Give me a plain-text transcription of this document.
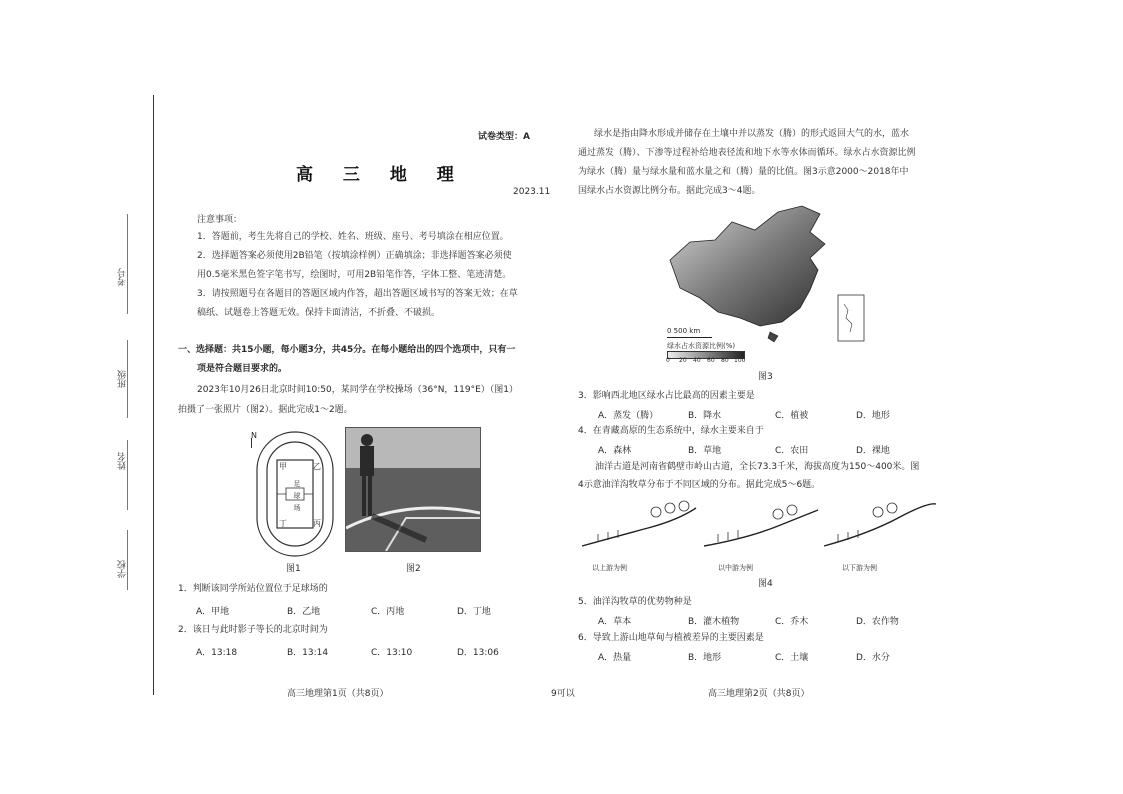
考号
班级
姓名
学校
试卷类型：A
高 三 地 理
2023.11
注意事项：
1．答题前，考生先将自己的学校、姓名、班级、座号、考号填涂在相应位置。
2．选择题答案必须使用2B铅笔（按填涂样例）正确填涂；非选择题答案必须使
用0.5毫米黑色签字笔书写，绘图时，可用2B铅笔作答，字体工整、笔迹清楚。
3．请按照题号在各题目的答题区域内作答，超出答题区域书写的答案无效；在草
稿纸、试题卷上答题无效。保持卡面清洁，不折叠、不破损。
一、选择题：共15小题，每小题3分，共45分。在每小题给出的四个选项中，只有一
项是符合题目要求的。
2023年10月26日北京时间10:50，某同学在学校操场（36°N，119°E）（图1）
拍摄了一张照片（图2）。据此完成1～2题。
N
甲	乙
丁	丙
足球场
图1	图2
1．判断该同学所站位置位于足球场的
A．甲地	B．乙地	C．丙地	D．丁地
2．该日与此时影子等长的北京时间为
A．13:18	B．13:14	C．13:10	D．13:06
高三地理第1页（共8页）	9可以
绿水是指由降水形成并储存在土壤中并以蒸发（腾）的形式返回大气的水，蓝水
通过蒸发（腾）、下渗等过程补给地表径流和地下水等水体而循环。绿水占水资源比例
为绿水（腾）量与绿水量和蓝水量之和（腾）量的比值。图3示意2000～2018年中
国绿水占水资源比例分布。据此完成3～4题。
0 500 km
绿水占水资源比例(%)
0 20 40 60 80 100
图3
3．影响西北地区绿水占比最高的因素主要是
A．蒸发（腾）	B．降水	C．植被	D．地形
4．在青藏高原的生态系统中，绿水主要来自于
A．森林	B．草地	C．农田	D．裸地
油洋古道是河南省鹤壁市岭山古道，全长73.3千米，海拔高度为150～400米。图
4示意油洋沟牧草分布于不同区域的分布。据此完成5～6题。
以上游为例	以中游为例	以下游为例
图4
5．油洋沟牧草的优势物种是
A．草本	B．灌木植物	C．乔木	D．农作物
6．导致上游山地草甸与植被差异的主要因素是
A．热量	B．地形	C．土壤	D．水分
高三地理第2页（共8页）
